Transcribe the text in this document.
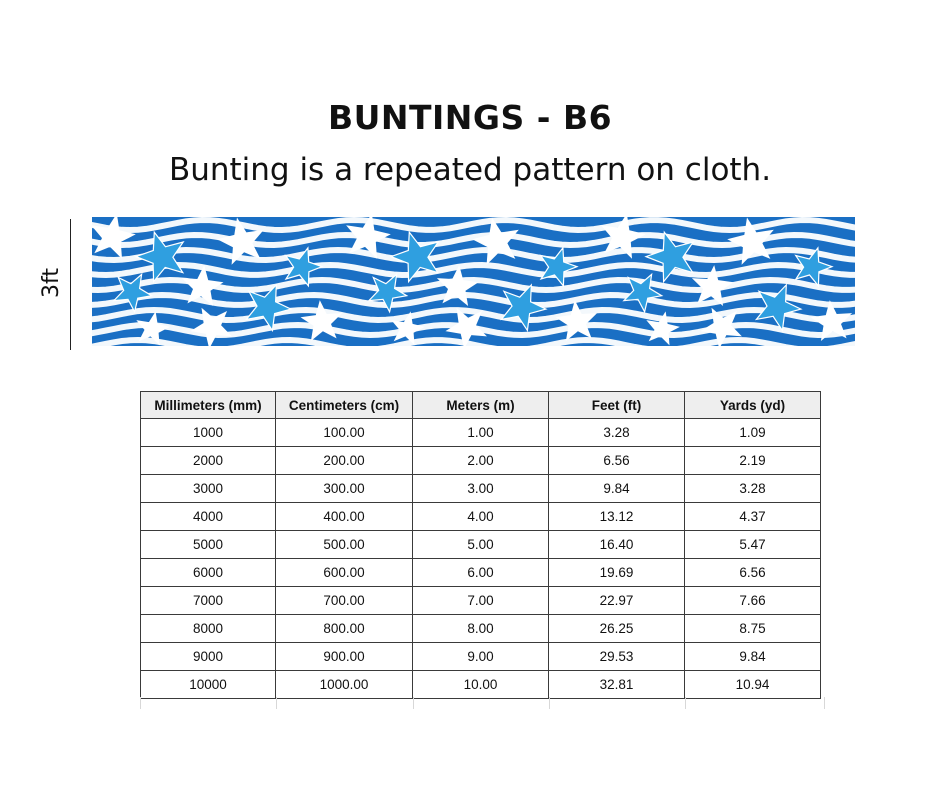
BUNTINGS - B6
Bunting is a repeated pattern on cloth.
3ft
Millimeters (mm)	Centimeters (cm)	Meters (m)	Feet (ft)	Yards (yd)
1000	100.00	1.00	3.28	1.09
2000	200.00	2.00	6.56	2.19
3000	300.00	3.00	9.84	3.28
4000	400.00	4.00	13.12	4.37
5000	500.00	5.00	16.40	5.47
6000	600.00	6.00	19.69	6.56
7000	700.00	7.00	22.97	7.66
8000	800.00	8.00	26.25	8.75
9000	900.00	9.00	29.53	9.84
10000	1000.00	10.00	32.81	10.94
